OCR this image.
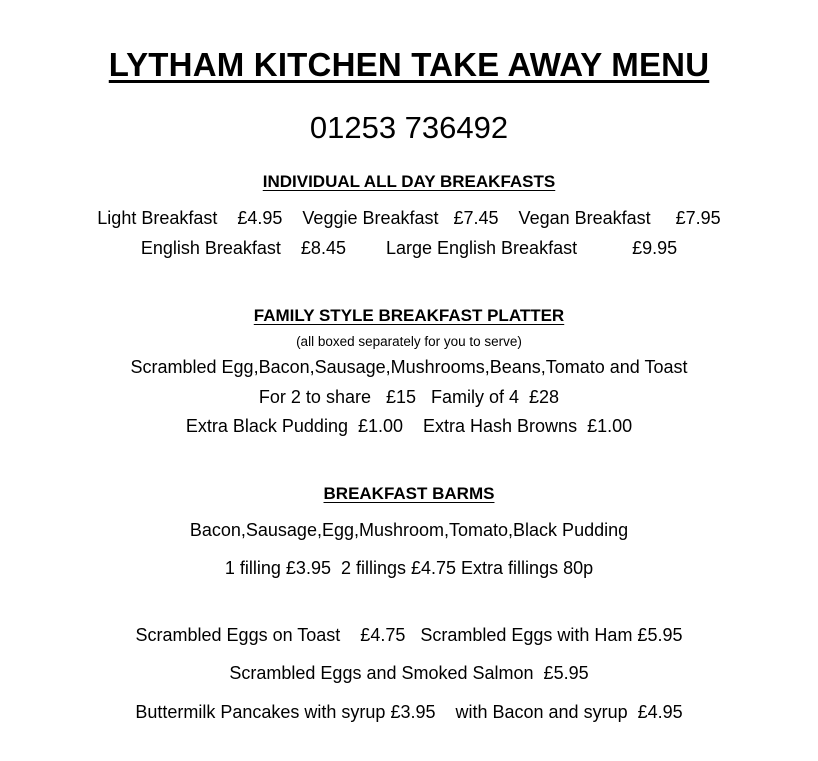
LYTHAM KITCHEN TAKE AWAY MENU
01253 736492
INDIVIDUAL ALL DAY BREAKFASTS
Light Breakfast    £4.95    Veggie Breakfast   £7.45    Vegan Breakfast     £7.95
English Breakfast    £8.45        Large English Breakfast           £9.95
FAMILY STYLE BREAKFAST PLATTER
(all boxed separately for you to serve)
Scrambled Egg,Bacon,Sausage,Mushrooms,Beans,Tomato and Toast
For 2 to share   £15   Family of 4  £28
Extra Black Pudding  £1.00    Extra Hash Browns  £1.00
BREAKFAST BARMS
Bacon,Sausage,Egg,Mushroom,Tomato,Black Pudding
1 filling £3.95  2 fillings £4.75 Extra fillings 80p
Scrambled Eggs on Toast    £4.75   Scrambled Eggs with Ham £5.95
Scrambled Eggs and Smoked Salmon  £5.95
Buttermilk Pancakes with syrup £3.95    with Bacon and syrup  £4.95
